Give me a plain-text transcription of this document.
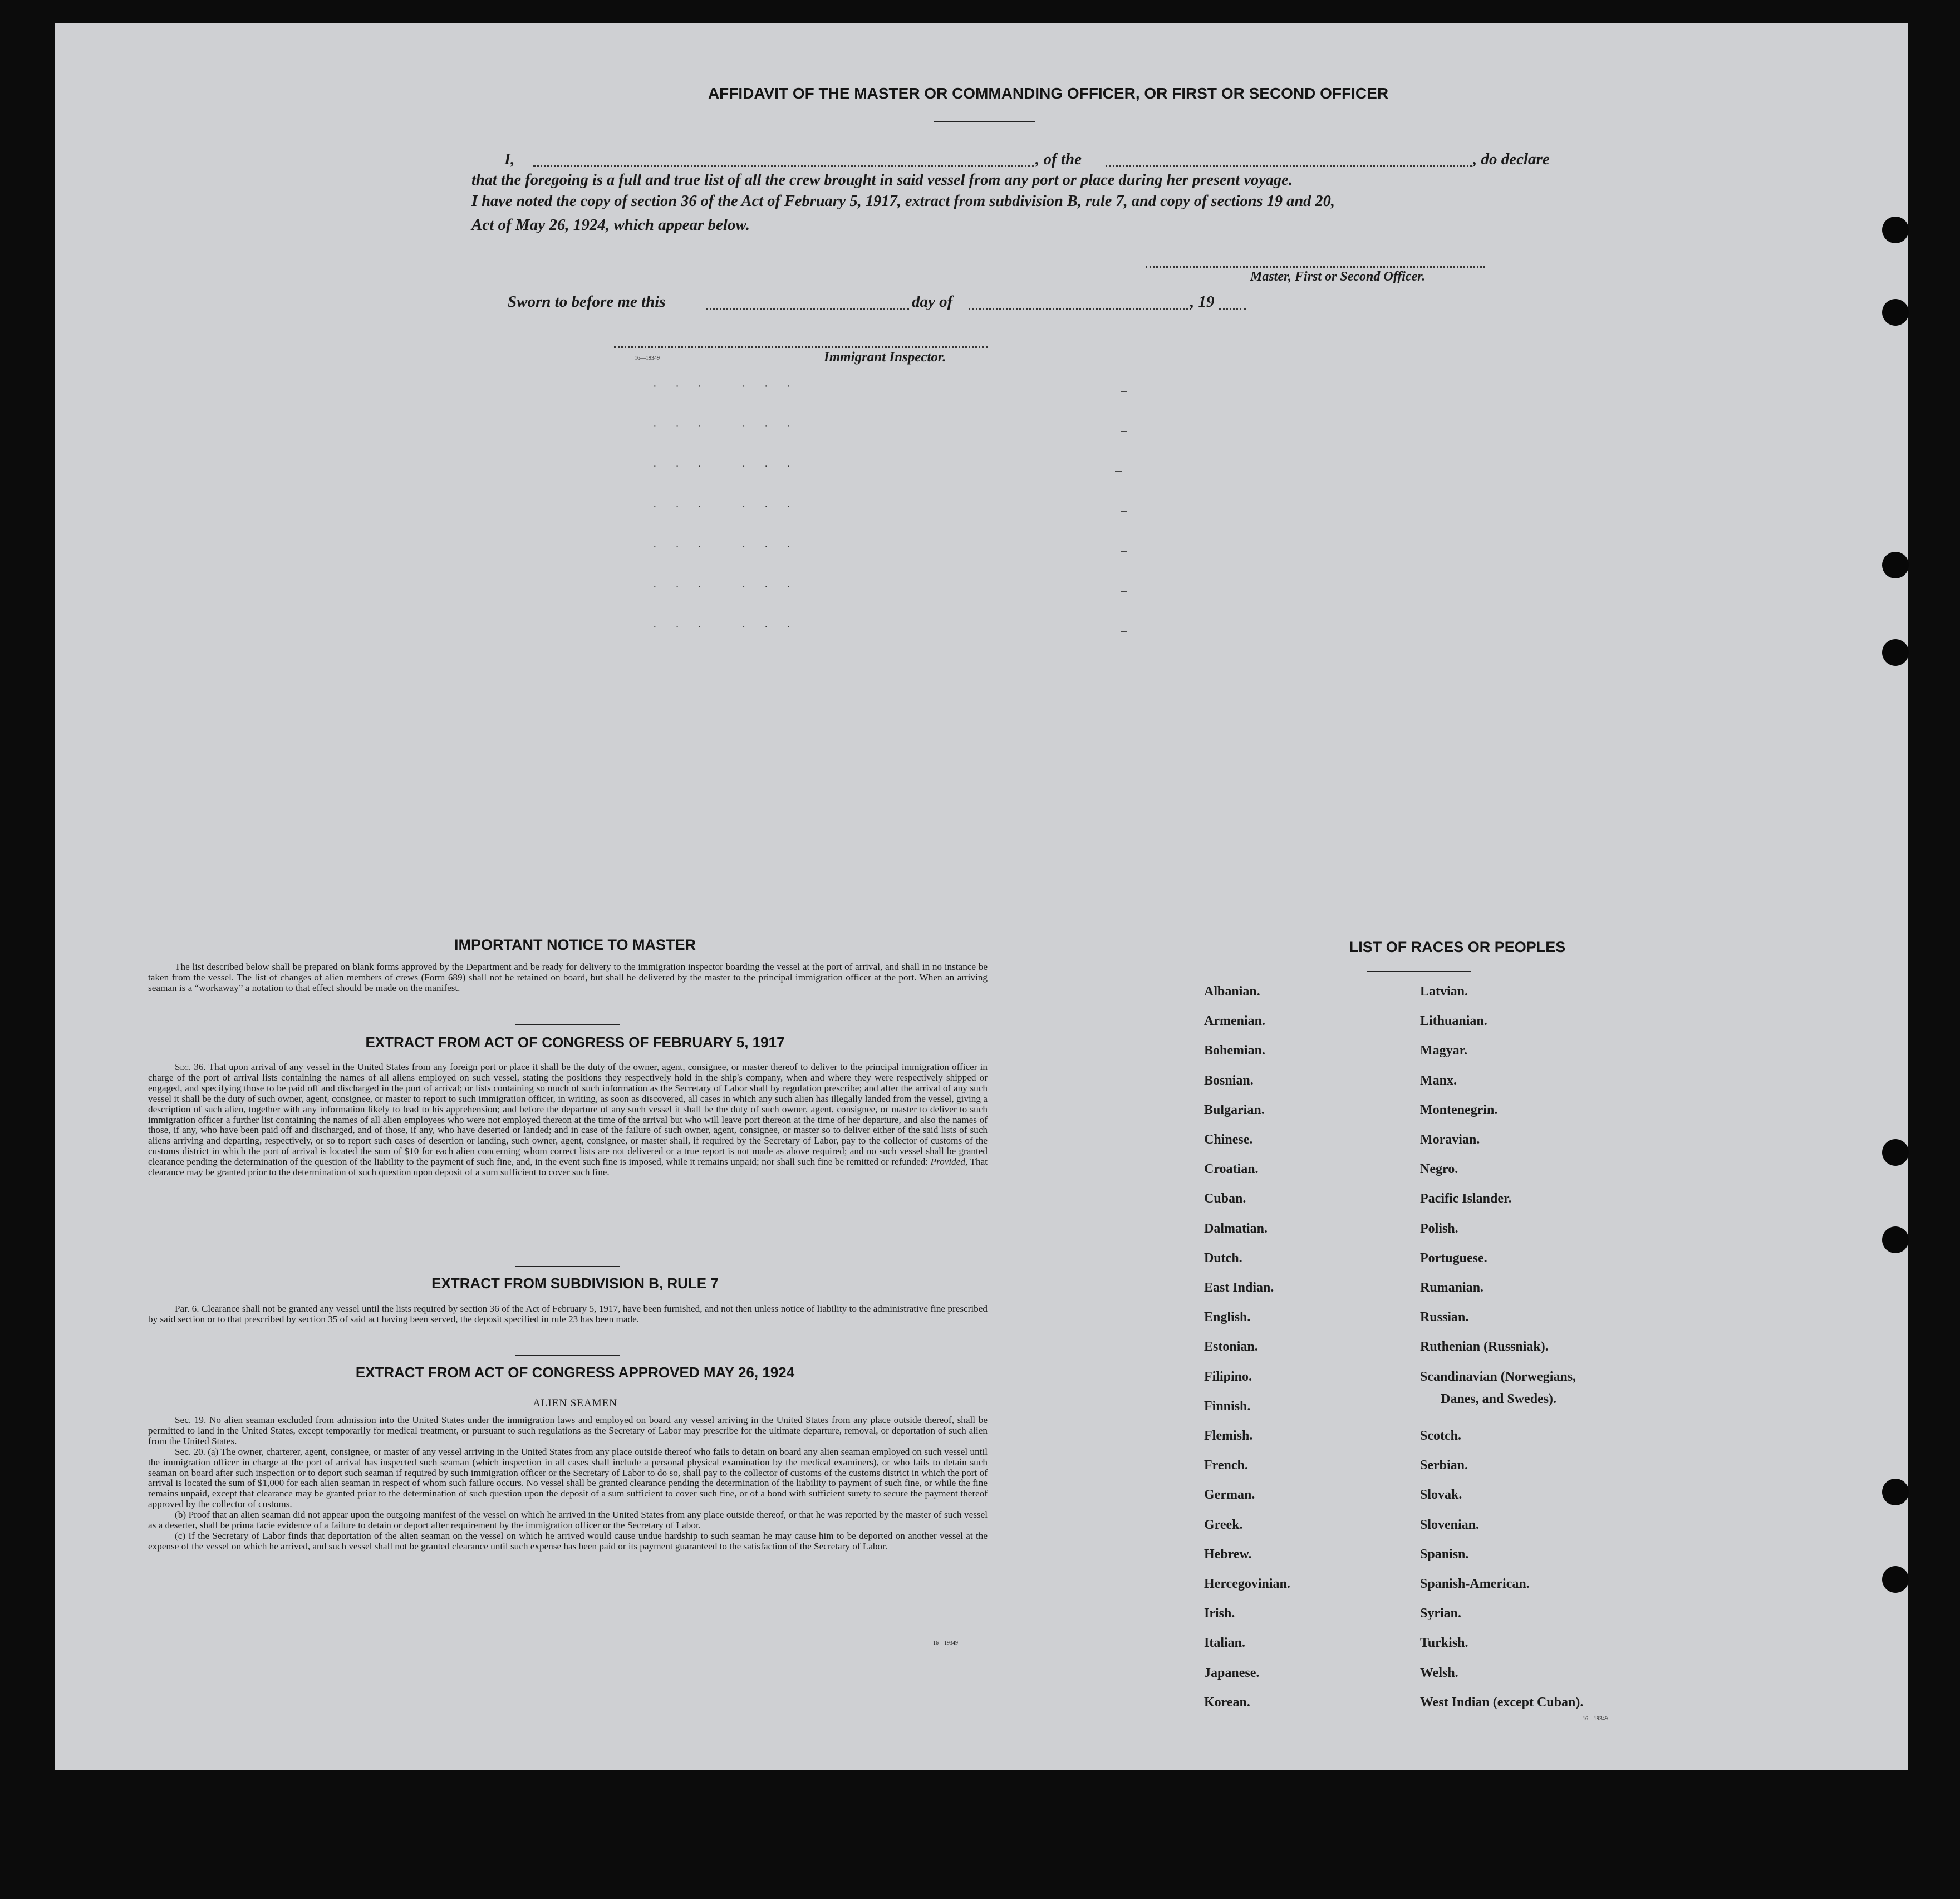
AFFIDAVIT OF THE MASTER OR COMMANDING OFFICER, OR FIRST OR SECOND OFFICER
I,	, of the	, do declare
that the foregoing is a full and true list of all the crew brought in said vessel from any port or place during her present voyage.
I have noted the copy of section 36 of the Act of February 5, 1917, extract from subdivision B, rule 7, and copy of sections 19 and 20,
Act of May 26, 1924, which appear below.
Master, First or Second Officer.
Sworn to before me this	day of	, 19
16—19349	Immigrant Inspector.
· · ·   · · ·
· · ·   · · ·
· · ·   · · ·
· · ·   · · ·
· · ·   · · ·
· · ·   · · ·
· · ·   · · ·
IMPORTANT NOTICE TO MASTER

The list described below shall be prepared on blank forms approved by the Department and be ready for delivery to the immigration inspector boarding the vessel at the port of arrival, and shall in no instance be taken from the vessel. The list of changes of alien members of crews (Form 689) shall not be retained on board, but shall be delivered by the master to the principal immigration officer at the port. When an arriving seaman is a “workaway” a notation to that effect should be made on the manifest.

EXTRACT FROM ACT OF CONGRESS OF FEBRUARY 5, 1917

Sec. 36. That upon arrival of any vessel in the United States from any foreign port or place it shall be the duty of the owner, agent, consignee, or master thereof to deliver to the principal immigration officer in charge of the port of arrival lists containing the names of all aliens employed on such vessel, stating the positions they respectively hold in the ship's company, when and where they were respectively shipped or engaged, and specifying those to be paid off and discharged in the port of arrival; or lists containing so much of such information as the Secretary of Labor shall by regulation prescribe; and after the arrival of any such vessel it shall be the duty of such owner, agent, consignee, or master to report to such immigration officer, in writing, as soon as discovered, all cases in which any such alien has illegally landed from the vessel, giving a description of such alien, together with any information likely to lead to his apprehension; and before the departure of any such vessel it shall be the duty of such owner, agent, consignee, or master to deliver to such immigration officer a further list containing the names of all alien employees who were not employed thereon at the time of the arrival but who will leave port thereon at the time of her departure, and also the names of those, if any, who have been paid off and discharged, and of those, if any, who have deserted or landed; and in case of the failure of such owner, agent, consignee, or master so to deliver either of the said lists of such aliens arriving and departing, respectively, or so to report such cases of desertion or landing, such owner, agent, consignee, or master shall, if required by the Secretary of Labor, pay to the collector of customs of the customs district in which the port of arrival is located the sum of $10 for each alien concerning whom correct lists are not delivered or a true report is not made as above required; and no such vessel shall be granted clearance pending the determination of the question of the liability to the payment of such fine, and, in the event such fine is imposed, while it remains unpaid; nor shall such fine be remitted or refunded: Provided, That clearance may be granted prior to the determination of such question upon deposit of a sum sufficient to cover such fine.

EXTRACT FROM SUBDIVISION B, RULE 7

Par. 6. Clearance shall not be granted any vessel until the lists required by section 36 of the Act of February 5, 1917, have been furnished, and not then unless notice of liability to the administrative fine prescribed by said section or to that prescribed by section 35 of said act having been served, the deposit specified in rule 23 has been made.

EXTRACT FROM ACT OF CONGRESS APPROVED MAY 26, 1924
ALIEN SEAMEN

Sec. 19. No alien seaman excluded from admission into the United States under the immigration laws and employed on board any vessel arriving in the United States from any place outside thereof, shall be permitted to land in the United States, except temporarily for medical treatment, or pursuant to such regulations as the Secretary of Labor may prescribe for the ultimate departure, removal, or deportation of such alien from the United States.

Sec. 20. (a) The owner, charterer, agent, consignee, or master of any vessel arriving in the United States from any place outside thereof who fails to detain on board any alien seaman employed on such vessel until the immigration officer in charge at the port of arrival has inspected such seaman (which inspection in all cases shall include a personal physical examination by the medical examiners), or who fails to detain such seaman on board after such inspection or to deport such seaman if required by such immigration officer or the Secretary of Labor to do so, shall pay to the collector of customs of the customs district in which the port of arrival is located the sum of $1,000 for each alien seaman in respect of whom such failure occurs. No vessel shall be granted clearance pending the determination of the liability to payment of such fine, or while the fine remains unpaid, except that clearance may be granted prior to the determination of such question upon the deposit of a sum sufficient to cover such fine, or of a bond with sufficient surety to secure the payment thereof approved by the collector of customs.

(b) Proof that an alien seaman did not appear upon the outgoing manifest of the vessel on which he arrived in the United States from any place outside thereof, or that he was reported by the master of such vessel as a deserter, shall be prima facie evidence of a failure to detain or deport after requirement by the immigration officer or the Secretary of Labor.

(c) If the Secretary of Labor finds that deportation of the alien seaman on the vessel on which he arrived would cause undue hardship to such seaman he may cause him to be deported on another vessel at the expense of the vessel on which he arrived, and such vessel shall not be granted clearance until such expense has been paid or its payment guaranteed to the satisfaction of the Secretary of Labor.

16—19349
LIST OF RACES OR PEOPLES
16—19349
Albanian.
Armenian.
Bohemian.
Bosnian.
Bulgarian.
Chinese.
Croatian.
Cuban.
Dalmatian.
Dutch.
East Indian.
English.
Estonian.
Filipino.
Finnish.
Flemish.
French.
German.
Greek.
Hebrew.
Hercegovinian.
Irish.
Italian.
Japanese.
Korean.
Latvian.
Lithuanian.
Magyar.
Manx.
Montenegrin.
Moravian.
Negro.
Pacific Islander.
Polish.
Portuguese.
Rumanian.
Russian.
Ruthenian (Russniak).
Scandinavian (Norwegians,
Danes, and Swedes).
Scotch.
Serbian.
Slovak.
Slovenian.
Spanisn.
Spanish-American.
Syrian.
Turkish.
Welsh.
West Indian (except Cuban).
